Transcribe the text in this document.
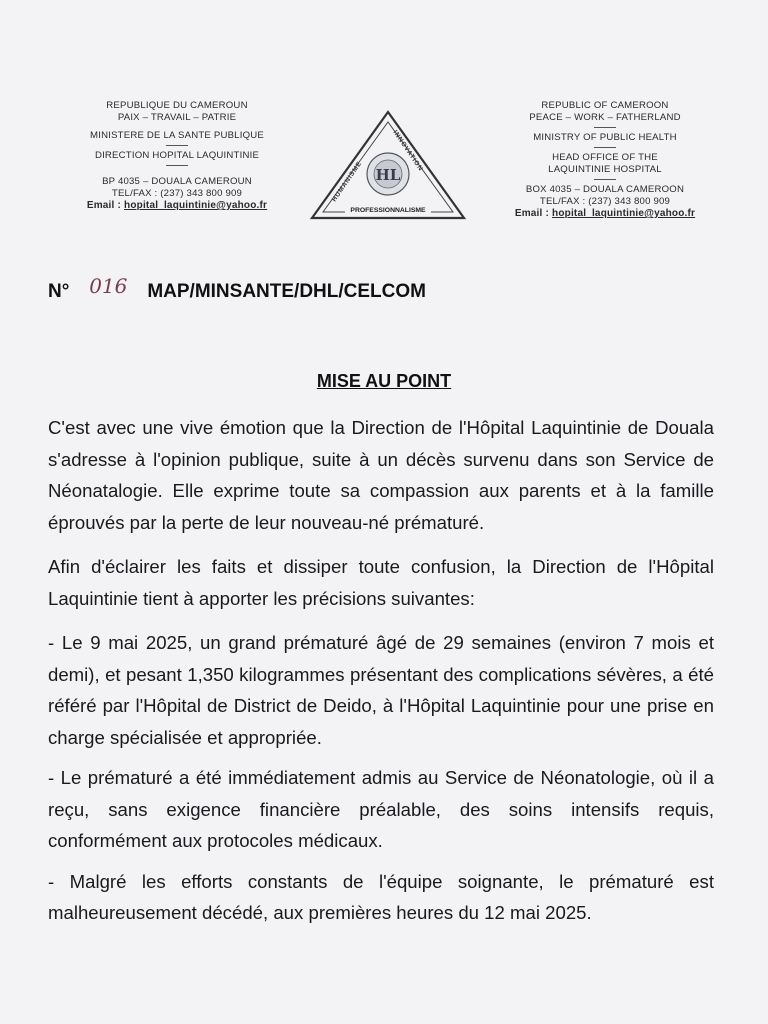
REPUBLIQUE DU CAMEROUN
PAIX – TRAVAIL – PATRIE
MINISTERE DE LA SANTE PUBLIQUE
DIRECTION HOPITAL LAQUINTINIE
BP 4035 – DOUALA CAMEROUN
TEL/FAX : (237) 343 800 909
Email : hopital_laquintinie@yahoo.fr
HUMANISME
INNOVATION
HL
PROFESSIONNALISME
REPUBLIC OF CAMEROON
PEACE – WORK – FATHERLAND
MINISTRY OF PUBLIC HEALTH
HEAD OFFICE OF THE
LAQUINTINIE HOSPITAL
BOX 4035 – DOUALA CAMEROON
TEL/FAX : (237) 343 800 909
Email : hopital_laquintinie@yahoo.fr
N° 016 MAP/MINSANTE/DHL/CELCOM
MISE AU POINT

C'est avec une vive émotion que la Direction de l'Hôpital Laquintinie de Douala s'adresse à l'opinion publique, suite à un décès survenu dans son Service de Néonatalogie. Elle exprime toute sa compassion aux parents et à la famille éprouvés par la perte de leur nouveau-né prématuré.

Afin d'éclairer les faits et dissiper toute confusion, la Direction de l'Hôpital Laquintinie tient à apporter les précisions suivantes:

- Le 9 mai 2025, un grand prématuré âgé de 29 semaines (environ 7 mois et demi), et pesant 1,350 kilogrammes présentant des complications sévères, a été référé par l'Hôpital de District de Deido, à l'Hôpital Laquintinie pour une prise en charge spécialisée et appropriée.

- Le prématuré a été immédiatement admis au Service de Néonatologie, où il a reçu, sans exigence financière préalable, des soins intensifs requis, conformément aux protocoles médicaux.

- Malgré les efforts constants de l'équipe soignante, le prématuré est malheureusement décédé, aux premières heures du 12 mai 2025.
